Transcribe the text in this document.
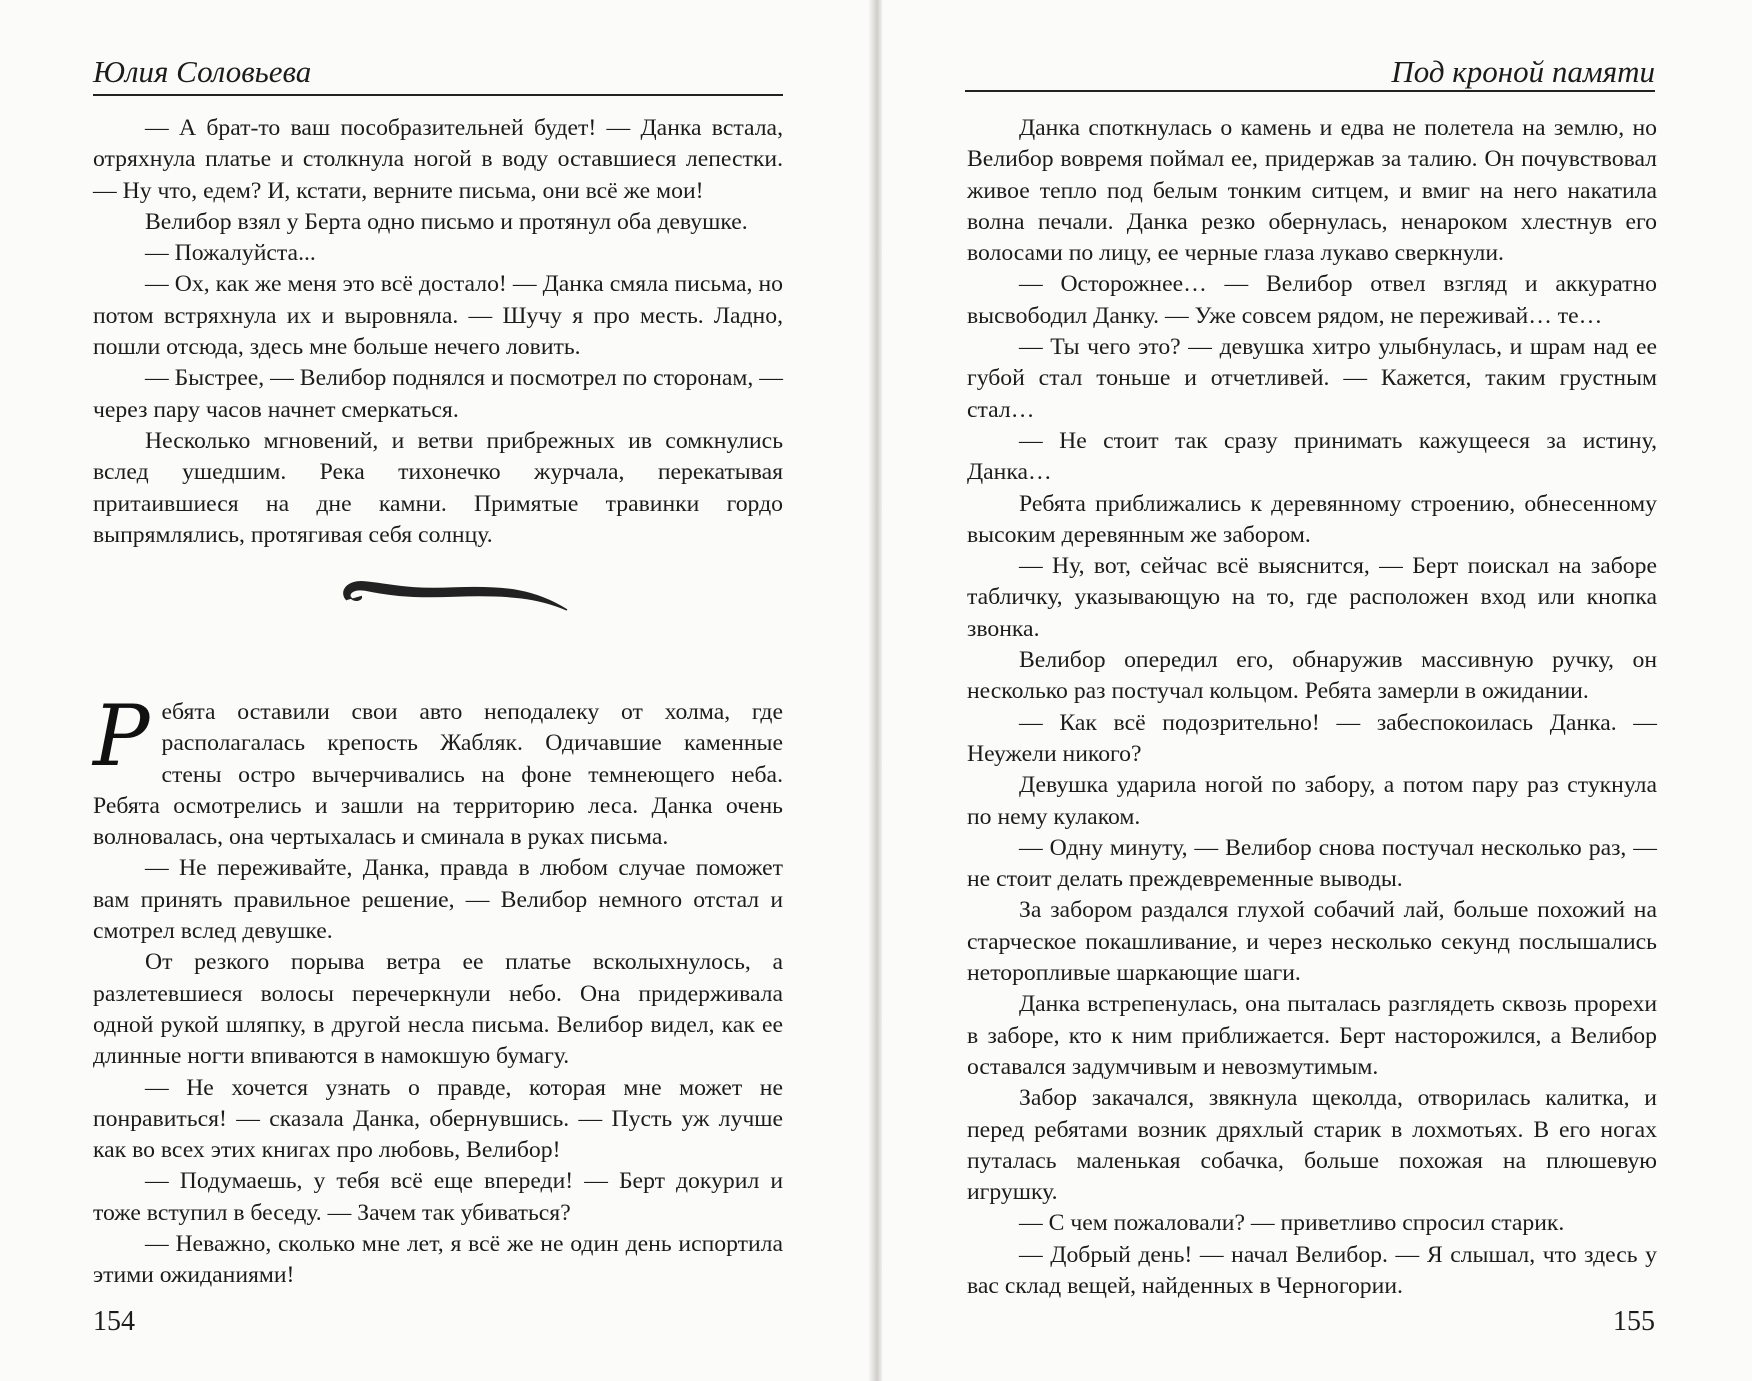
Юлия Соловьева

— А брат-то ваш пособразительней будет! — Данка встала, отряхнула платье и столкнула ногой в воду оставшиеся лепестки. — Ну что, едем? И, кстати, верните письма, они всё же мои!

Велибор взял у Берта одно письмо и протянул оба девушке.

— Пожалуйста...

— Ох, как же меня это всё достало! — Данка смяла письма, но потом встряхнула их и выровняла. — Шучу я про месть. Ладно, пошли отсюда, здесь мне больше нечего ловить.

— Быстрее, — Велибор поднялся и посмотрел по сторонам, — через пару часов начнет смеркаться.

Несколько мгновений, и ветви прибрежных ив сомкнулись вслед ушедшим. Река тихонечко журчала, перекатывая притаившиеся на дне камни. Примятые травинки гордо выпрямлялись, протягивая себя солнцу.

Ребята оставили свои авто неподалеку от холма, где располагалась крепость Жабляк. Одичавшие каменные стены остро вычерчивались на фоне темнеющего неба. Ребята осмотрелись и зашли на территорию леса. Данка очень волновалась, она чертыхалась и сминала в руках письма.

— Не переживайте, Данка, правда в любом случае поможет вам принять правильное решение, — Велибор немного отстал и смотрел вслед девушке.

От резкого порыва ветра ее платье всколыхнулось, а разлетевшиеся волосы перечеркнули небо. Она придерживала одной рукой шляпку, в другой несла письма. Велибор видел, как ее длинные ногти впиваются в намокшую бумагу.

— Не хочется узнать о правде, которая мне может не понравиться! — сказала Данка, обернувшись. — Пусть уж лучше как во всех этих книгах про любовь, Велибор!

— Подумаешь, у тебя всё еще впереди! — Берт докурил и тоже вступил в беседу. — Зачем так убиваться?

— Неважно, сколько мне лет, я всё же не один день испортила этими ожиданиями!

154
Под кроной памяти

Данка споткнулась о камень и едва не полетела на землю, но Велибор вовремя поймал ее, придержав за талию. Он почувствовал живое тепло под белым тонким ситцем, и вмиг на него накатила волна печали. Данка резко обернулась, ненароком хлестнув его волосами по лицу, ее черные глаза лукаво сверкнули.

— Осторожнее… — Велибор отвел взгляд и аккуратно высвободил Данку. — Уже совсем рядом, не переживай… те…

— Ты чего это? — девушка хитро улыбнулась, и шрам над ее губой стал тоньше и отчетливей. — Кажется, таким грустным стал…

— Не стоит так сразу принимать кажущееся за истину, Данка…

Ребята приближались к деревянному строению, обнесенному высоким деревянным же забором.

— Ну, вот, сейчас всё выяснится, — Берт поискал на заборе табличку, указывающую на то, где расположен вход или кнопка звонка.

Велибор опередил его, обнаружив массивную ручку, он несколько раз постучал кольцом. Ребята замерли в ожидании.

— Как всё подозрительно! — забеспокоилась Данка. — Неужели никого?

Девушка ударила ногой по забору, а потом пару раз стукнула по нему кулаком.

— Одну минуту, — Велибор снова постучал несколько раз, — не стоит делать преждевременные выводы.

За забором раздался глухой собачий лай, больше похожий на старческое покашливание, и через несколько секунд послышались неторопливые шаркающие шаги.

Данка встрепенулась, она пыталась разглядеть сквозь прорехи в заборе, кто к ним приближается. Берт насторожился, а Велибор оставался задумчивым и невозмутимым.

Забор закачался, звякнула щеколда, отворилась калитка, и перед ребятами возник дряхлый старик в лохмотьях. В его ногах путалась маленькая собачка, больше похожая на плюшевую игрушку.

— С чем пожаловали? — приветливо спросил старик.

— Добрый день! — начал Велибор. — Я слышал, что здесь у вас склад вещей, найденных в Черногории.

155
